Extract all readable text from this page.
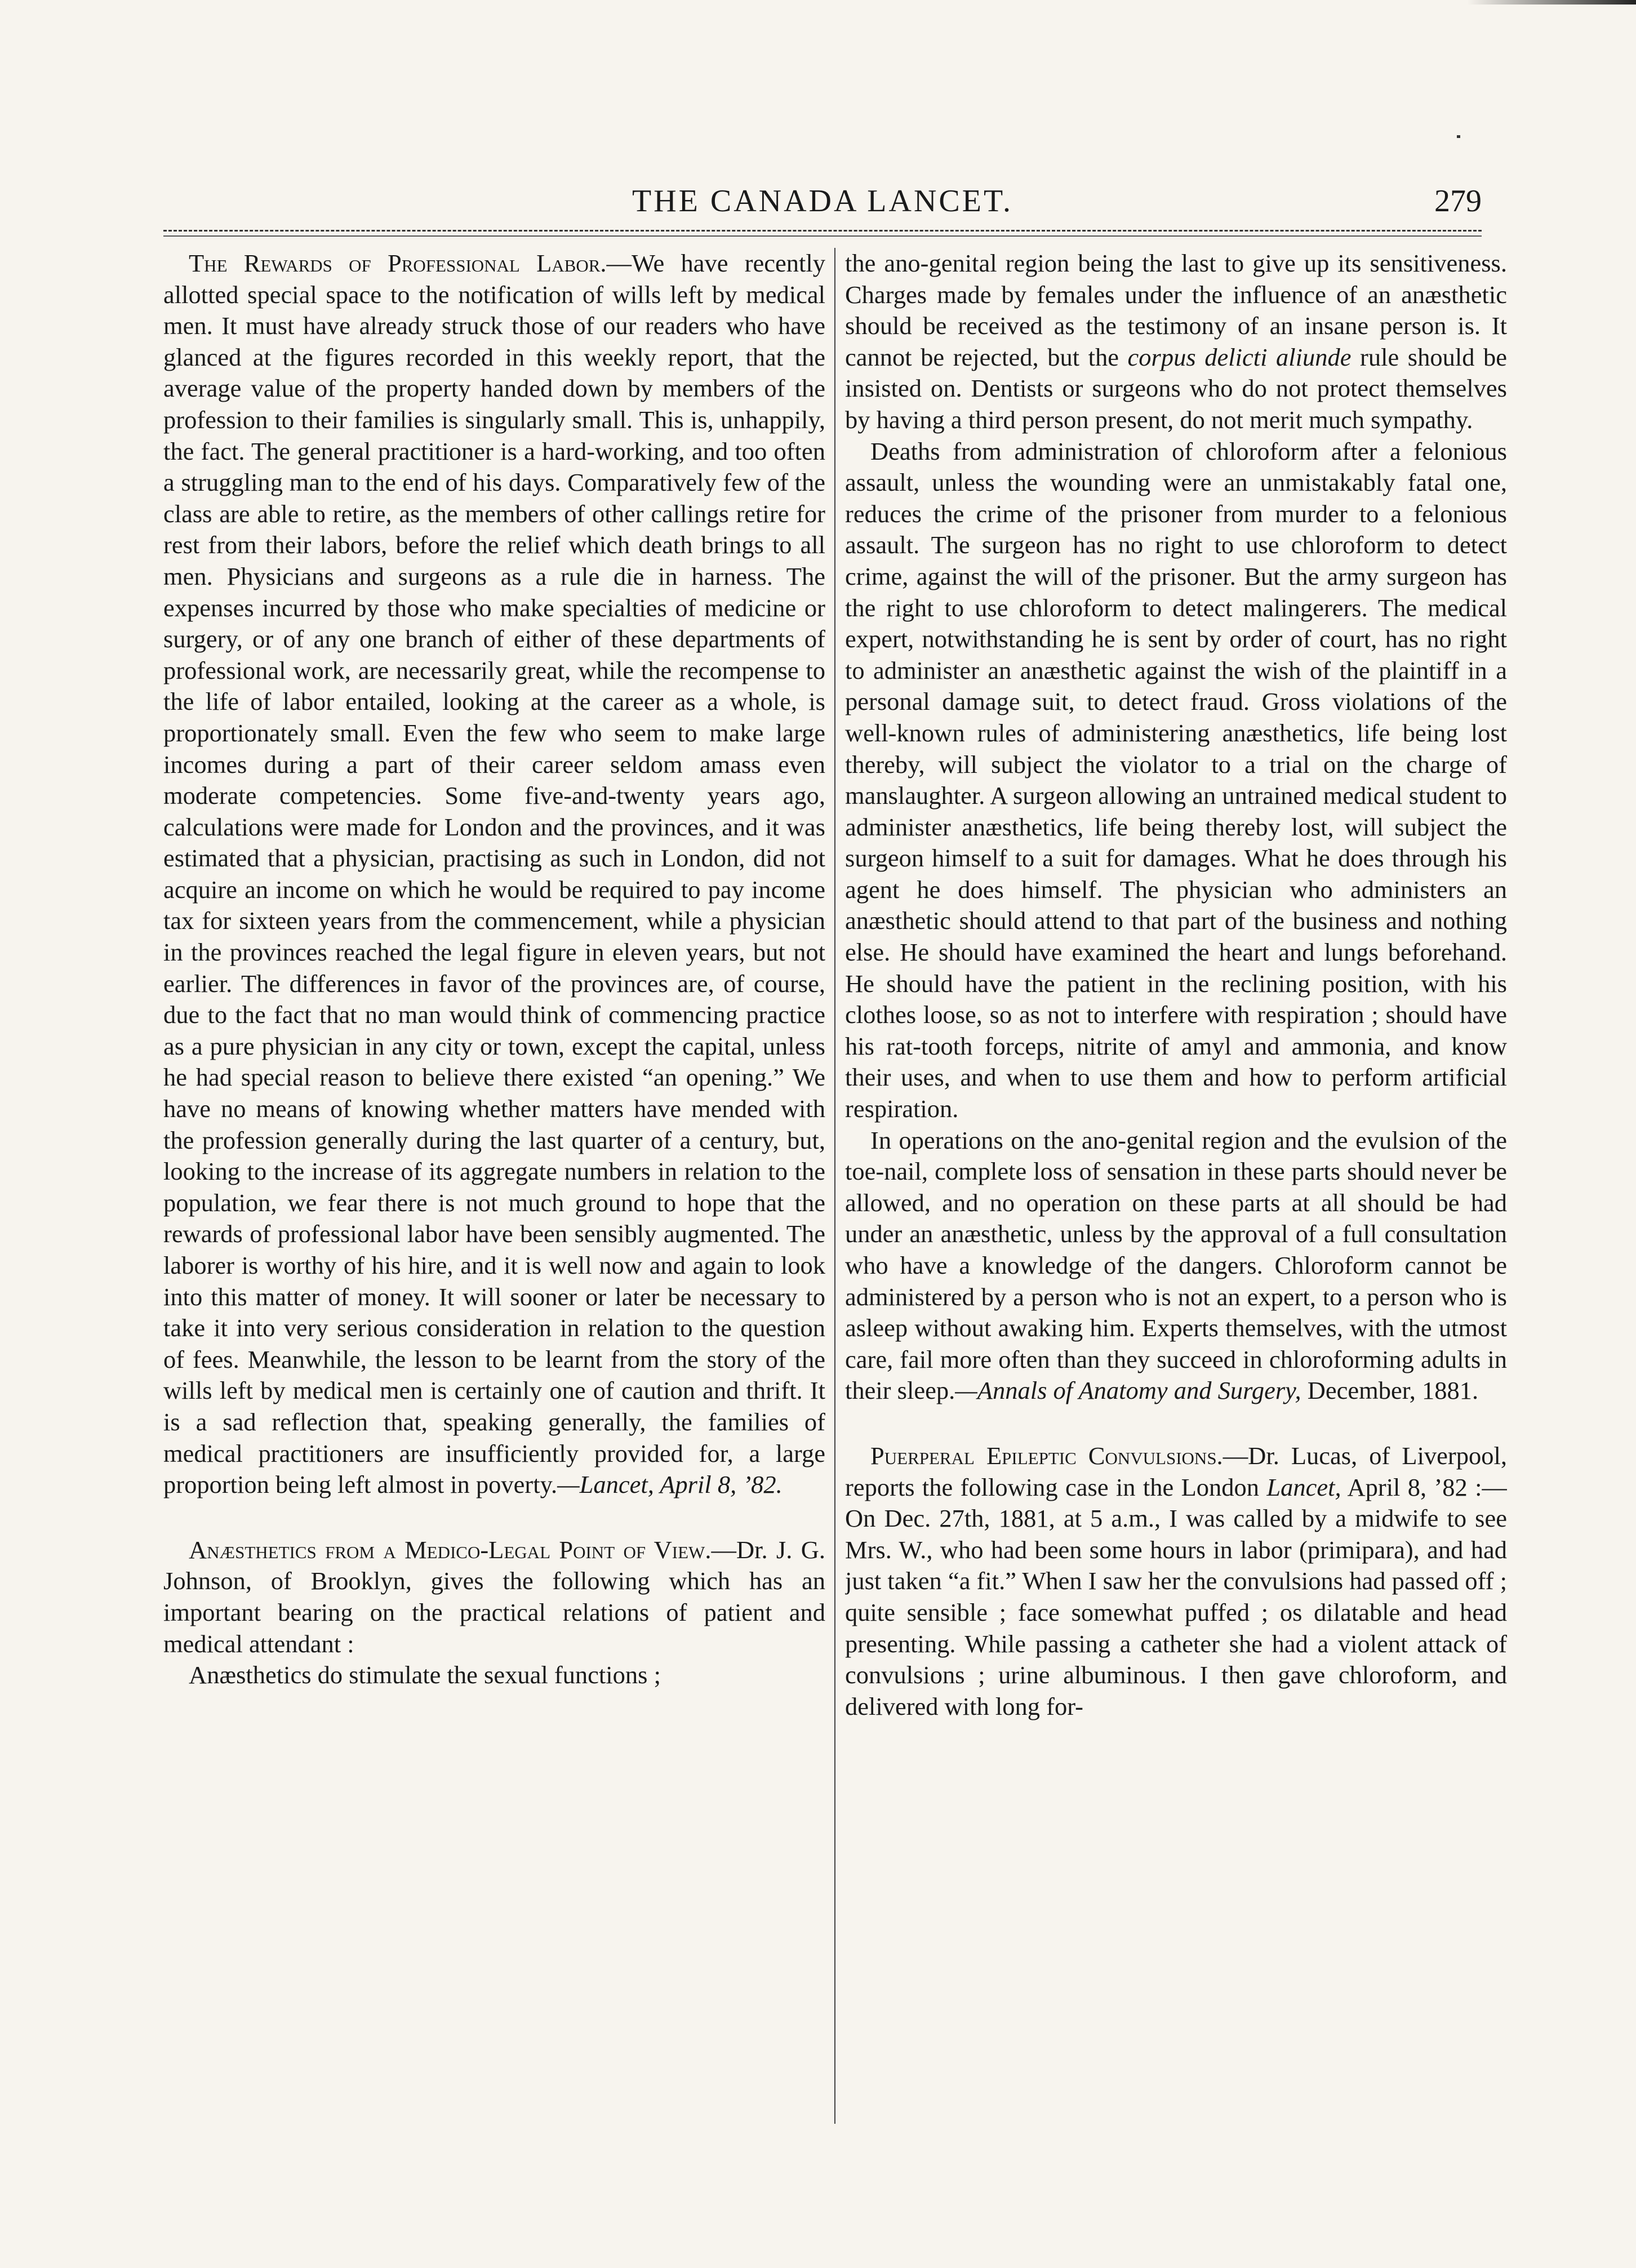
THE CANADA LANCET.	279

The Rewards of Professional Labor.—We have recently allotted special space to the notification of wills left by medical men. It must have already struck those of our readers who have glanced at the figures recorded in this weekly report, that the average value of the property handed down by members of the profession to their families is singularly small. This is, unhappily, the fact. The general practitioner is a hard-working, and too often a struggling man to the end of his days. Comparatively few of the class are able to retire, as the members of other callings retire for rest from their labors, before the relief which death brings to all men. Physicians and surgeons as a rule die in harness. The expenses incurred by those who make specialties of medicine or surgery, or of any one branch of either of these departments of professional work, are necessarily great, while the recompense to the life of labor entailed, looking at the career as a whole, is proportionately small. Even the few who seem to make large incomes during a part of their career seldom amass even moderate competencies. Some five-and-twenty years ago, calculations were made for London and the provinces, and it was estimated that a physician, practising as such in London, did not acquire an income on which he would be required to pay income tax for sixteen years from the commencement, while a physician in the provinces reached the legal figure in eleven years, but not earlier. The differences in favor of the provinces are, of course, due to the fact that no man would think of commencing practice as a pure physician in any city or town, except the capital, unless he had special reason to believe there existed “an opening.” We have no means of knowing whether matters have mended with the profession generally during the last quarter of a century, but, looking to the increase of its aggregate numbers in relation to the population, we fear there is not much ground to hope that the rewards of professional labor have been sensibly augmented. The laborer is worthy of his hire, and it is well now and again to look into this matter of money. It will sooner or later be necessary to take it into very serious consideration in relation to the question of fees. Meanwhile, the lesson to be learnt from the story of the wills left by medical men is certainly one of caution and thrift. It is a sad reflection that, speaking generally, the families of medical practitioners are insufficiently provided for, a large proportion being left almost in poverty.—Lancet, April 8, ’82.

Anæsthetics from a Medico-Legal Point of View.—Dr. J. G. Johnson, of Brooklyn, gives the following which has an important bearing on the practical relations of patient and medical attendant :

Anæsthetics do stimulate the sexual functions ;

the ano-genital region being the last to give up its sensitiveness. Charges made by females under the influence of an anæsthetic should be received as the testimony of an insane person is. It cannot be rejected, but the corpus delicti aliunde rule should be insisted on. Dentists or surgeons who do not protect themselves by having a third person present, do not merit much sympathy.

Deaths from administration of chloroform after a felonious assault, unless the wounding were an unmistakably fatal one, reduces the crime of the prisoner from murder to a felonious assault. The surgeon has no right to use chloroform to detect crime, against the will of the prisoner. But the army surgeon has the right to use chloroform to detect malingerers. The medical expert, notwithstanding he is sent by order of court, has no right to administer an anæsthetic against the wish of the plaintiff in a personal damage suit, to detect fraud. Gross violations of the well-known rules of administering anæsthetics, life being lost thereby, will subject the violator to a trial on the charge of manslaughter. A surgeon allowing an untrained medical student to administer anæsthetics, life being thereby lost, will subject the surgeon himself to a suit for damages. What he does through his agent he does himself. The physician who administers an anæsthetic should attend to that part of the business and nothing else. He should have examined the heart and lungs beforehand. He should have the patient in the reclining position, with his clothes loose, so as not to interfere with respiration ; should have his rat-tooth forceps, nitrite of amyl and ammonia, and know their uses, and when to use them and how to perform artificial respiration.

In operations on the ano-genital region and the evulsion of the toe-nail, complete loss of sensation in these parts should never be allowed, and no operation on these parts at all should be had under an anæsthetic, unless by the approval of a full consultation who have a knowledge of the dangers. Chloroform cannot be administered by a person who is not an expert, to a person who is asleep without awaking him. Experts themselves, with the utmost care, fail more often than they succeed in chloroforming adults in their sleep.—Annals of Anatomy and Surgery, December, 1881.

Puerperal Epileptic Convulsions.—Dr. Lucas, of Liverpool, reports the following case in the London Lancet, April 8, ’82 :—On Dec. 27th, 1881, at 5 a.m., I was called by a midwife to see Mrs. W., who had been some hours in labor (primipara), and had just taken “a fit.” When I saw her the convulsions had passed off ; quite sensible ; face somewhat puffed ; os dilatable and head presenting. While passing a catheter she had a violent attack of convulsions ; urine albuminous. I then gave chloroform, and delivered with long for-
